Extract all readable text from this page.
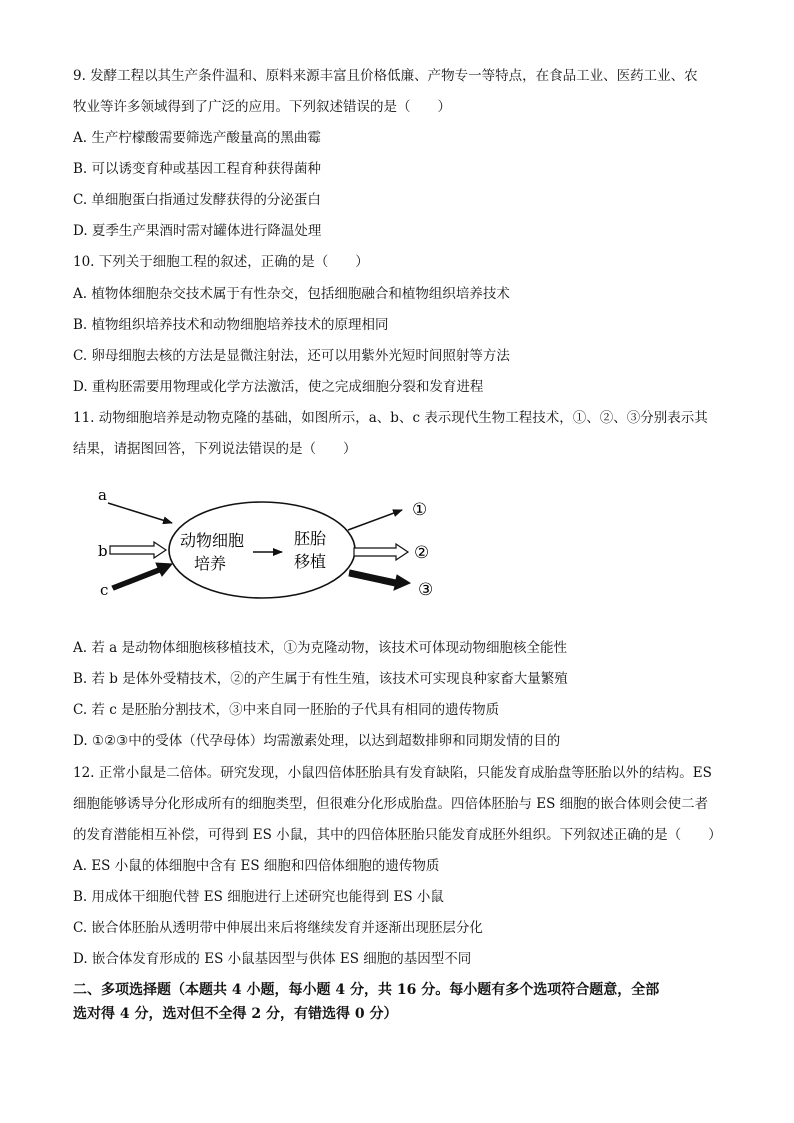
9. 发酵工程以其生产条件温和、原料来源丰富且价格低廉、产物专一等特点，在食品工业、医药工业、农
牧业等许多领域得到了广泛的应用。下列叙述错误的是（　　）
A. 生产柠檬酸需要筛选产酸量高的黑曲霉
B. 可以诱变育种或基因工程育种获得菌种
C. 单细胞蛋白指通过发酵获得的分泌蛋白
D. 夏季生产果酒时需对罐体进行降温处理
10. 下列关于细胞工程的叙述，正确的是（　　）
A. 植物体细胞杂交技术属于有性杂交，包括细胞融合和植物组织培养技术
B. 植物组织培养技术和动物细胞培养技术的原理相同
C. 卵母细胞去核的方法是显微注射法，还可以用紫外光短时间照射等方法
D. 重构胚需要用物理或化学方法激活，使之完成细胞分裂和发育进程
11. 动物细胞培养是动物克隆的基础，如图所示，a、b、c 表示现代生物工程技术，①、②、③分别表示其
结果，请据图回答，下列说法错误的是（　　）
a
b
c
动物细胞
培养
胚胎
移植
①
②
③
A. 若 a 是动物体细胞核移植技术，①为克隆动物，该技术可体现动物细胞核全能性
B. 若 b 是体外受精技术，②的产生属于有性生殖，该技术可实现良种家畜大量繁殖
C. 若 c 是胚胎分割技术，③中来自同一胚胎的子代具有相同的遗传物质
D. ①②③中的受体（代孕母体）均需激素处理，以达到超数排卵和同期发情的目的
12. 正常小鼠是二倍体。研究发现，小鼠四倍体胚胎具有发育缺陷，只能发育成胎盘等胚胎以外的结构。ES
细胞能够诱导分化形成所有的细胞类型，但很难分化形成胎盘。四倍体胚胎与 ES 细胞的嵌合体则会使二者
的发育潜能相互补偿，可得到 ES 小鼠，其中的四倍体胚胎只能发育成胚外组织。下列叙述正确的是（　　）
A. ES 小鼠的体细胞中含有 ES 细胞和四倍体细胞的遗传物质
B. 用成体干细胞代替 ES 细胞进行上述研究也能得到 ES 小鼠
C. 嵌合体胚胎从透明带中伸展出来后将继续发育并逐渐出现胚层分化
D. 嵌合体发育形成的 ES 小鼠基因型与供体 ES 细胞的基因型不同
二、多项选择题（本题共 4 小题，每小题 4 分，共 16 分。每小题有多个选项符合题意，全部
选对得 4 分，选对但不全得 2 分，有错选得 0 分）
